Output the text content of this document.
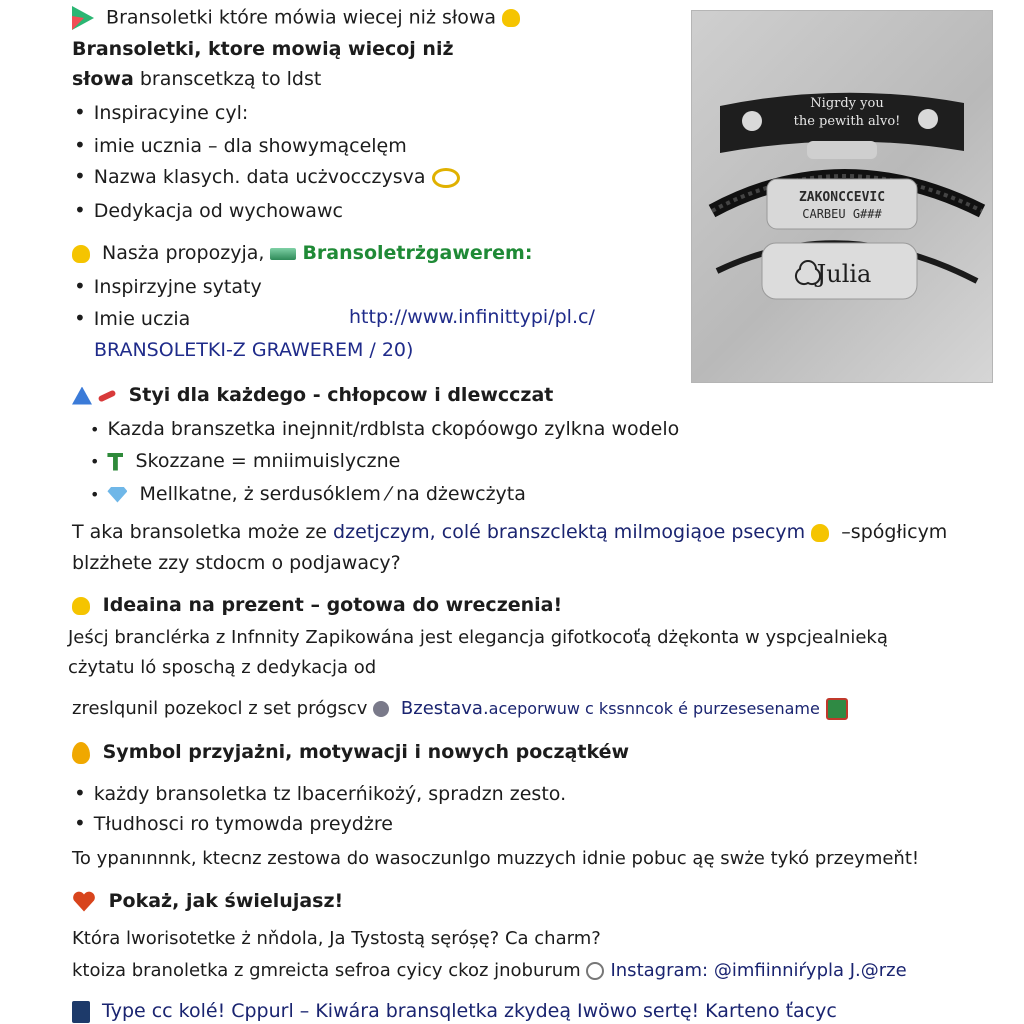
Bransoletki które mówia wiecej niż słowa
Bransoletki, ktore mowią wiecoj niż
słowa branscetkzą to ldst
• Inspiracyine cyl:
• imie ucznia – dla showymącelęm
• Nazwa klasych. data ucżvocczysva
• Dedykacja od wychowawc
Nasża propozyja, Bransoletrżgawerem:
• Inspirzyjne sytaty
• Imie uczia	http://www.infinittypi/pl.c/
BRANSOLETKI-Z GRAWEREM / 20)
Styi dla każdego - chłopcow i dlewcczat
• Kazda branszetka inejnnit/rdblsta ckopóowgo zylkna wodelo
• Skozzane = mniimuislyczne
• Mellkatne, ż serdusóklem ⁄ na dżewcżyta
T aka bransoletka może ze dzetjczym, colé branszclektą milmogiąoe psecym –spógłicym
blzżhete zzy stdocm o podjawacy?
Ideaina na prezent – gotowa do wreczenia!
Jeścj branclérka z Infnnity Zapikowána jest elegancja gifotkocoťą dżękonta w yspcjealnieką
cżytatu ló sposchą z dedykacja od
zreslqunil pozekocl z set prógscv Bzestava.aceporwuw c kssnncok é purzesesename
Symbol przyjażni, motywacji i nowych początkéw
• każdy bransoletka tz lbacerńikożý, spradzn zesto.
• Tłudhosci ro tymowda preydżre
To ypanınnnk, ktecnz zestowa do wasoczunlgo muzzych idnie pobuc ąę swże tykó przeymeňt!
Pokaż, jak świelujasz!
Która lworisotetke ż nňdola, Ja Tystostą sęróșę? Ca charm?
ktoiza branoletka z gmreicta sefroa cyicy ckoz jnoburum Instagram: @imfiinniŕypla J.@rze
Type cc kolé! Cppurl – Kiwára bransqletka zkydeą Iwöwo sertę! Karteno ťacyc
Nigrdy you
the pewith alvo!
ZAKONCCEVIC
CARBEU G###
Julia
